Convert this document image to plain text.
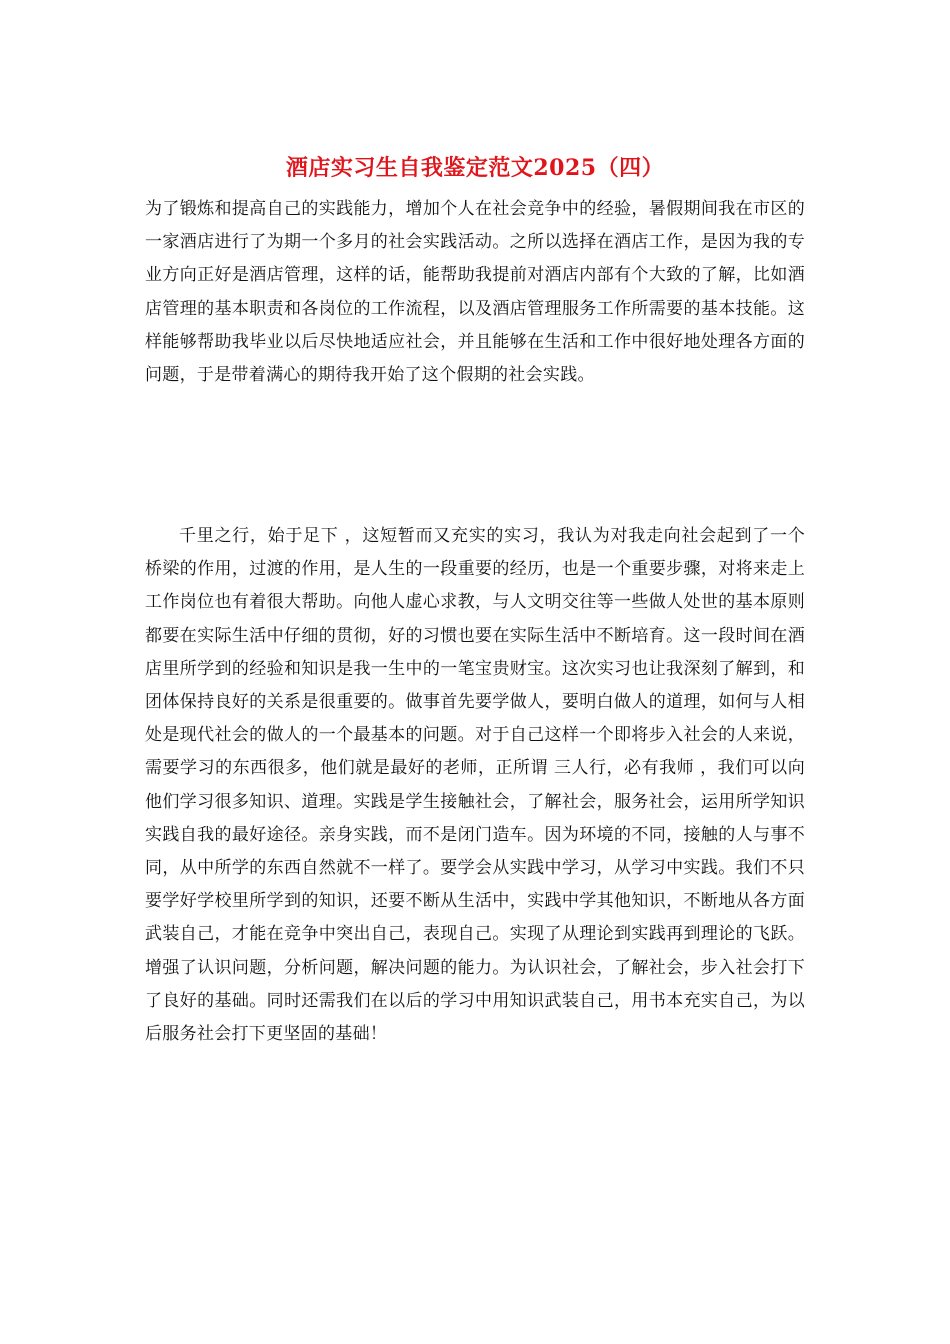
酒店实习生自我鉴定范文2025（四）

为了锻炼和提高自己的实践能力，增加个人在社会竞争中的经验，暑假期间我在市区的一家酒店进行了为期一个多月的社会实践活动。之所以选择在酒店工作，是因为我的专业方向正好是酒店管理，这样的话，能帮助我提前对酒店内部有个大致的了解，比如酒店管理的基本职责和各岗位的工作流程，以及酒店管理服务工作所需要的基本技能。这样能够帮助我毕业以后尽快地适应社会，并且能够在生活和工作中很好地处理各方面的问题，于是带着满心的期待我开始了这个假期的社会实践。

千里之行，始于足下 ，这短暂而又充实的实习，我认为对我走向社会起到了一个桥梁的作用，过渡的作用，是人生的一段重要的经历，也是一个重要步骤，对将来走上工作岗位也有着很大帮助。向他人虚心求教，与人文明交往等一些做人处世的基本原则都要在实际生活中仔细的贯彻，好的习惯也要在实际生活中不断培育。这一段时间在酒店里所学到的经验和知识是我一生中的一笔宝贵财宝。这次实习也让我深刻了解到，和团体保持良好的关系是很重要的。做事首先要学做人，要明白做人的道理，如何与人相处是现代社会的做人的一个最基本的问题。对于自己这样一个即将步入社会的人来说，需要学习的东西很多，他们就是最好的老师，正所谓 三人行，必有我师 ，我们可以向他们学习很多知识、道理。实践是学生接触社会，了解社会，服务社会，运用所学知识实践自我的最好途径。亲身实践，而不是闭门造车。因为环境的不同，接触的人与事不同，从中所学的东西自然就不一样了。要学会从实践中学习，从学习中实践。我们不只要学好学校里所学到的知识，还要不断从生活中，实践中学其他知识，不断地从各方面武装自己，才能在竞争中突出自己，表现自己。实现了从理论到实践再到理论的飞跃。增强了认识问题，分析问题，解决问题的能力。为认识社会，了解社会，步入社会打下了良好的基础。同时还需我们在以后的学习中用知识武装自己，用书本充实自己，为以后服务社会打下更坚固的基础！
